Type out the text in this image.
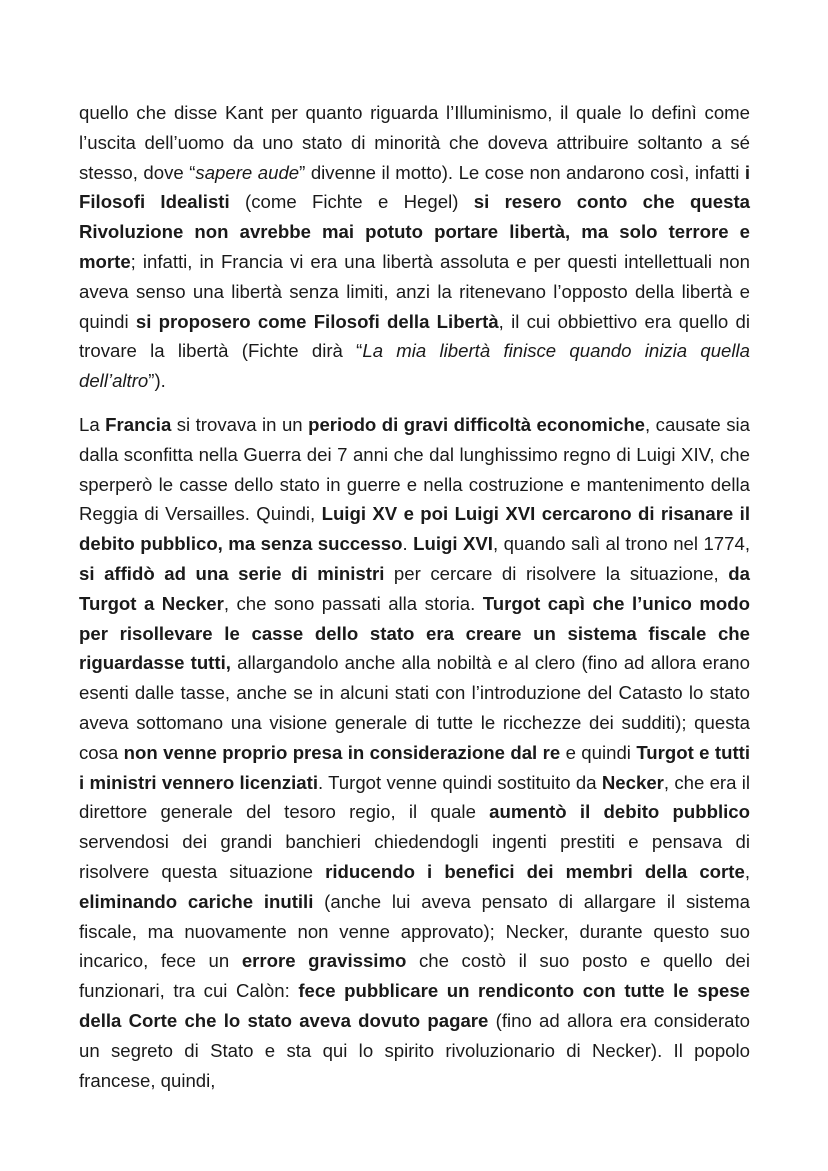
quello che disse Kant per quanto riguarda l’Illuminismo, il quale lo definì come l’uscita dell’uomo da uno stato di minorità che doveva attribuire soltanto a sé stesso, dove “sapere aude” divenne il motto). Le cose non andarono così, infatti i Filosofi Idealisti (come Fichte e Hegel) si resero conto che questa Rivoluzione non avrebbe mai potuto portare libertà, ma solo terrore e morte; infatti, in Francia vi era una libertà assoluta e per questi intellettuali non aveva senso una libertà senza limiti, anzi la ritenevano l’opposto della libertà e quindi si proposero come Filosofi della Libertà, il cui obbiettivo era quello di trovare la libertà (Fichte dirà “La mia libertà finisce quando inizia quella dell’altro”).

La Francia si trovava in un periodo di gravi difficoltà economiche, causate sia dalla sconfitta nella Guerra dei 7 anni che dal lunghissimo regno di Luigi XIV, che sperperò le casse dello stato in guerre e nella costruzione e mantenimento della Reggia di Versailles. Quindi, Luigi XV e poi Luigi XVI cercarono di risanare il debito pubblico, ma senza successo. Luigi XVI, quando salì al trono nel 1774, si affidò ad una serie di ministri per cercare di risolvere la situazione, da Turgot a Necker, che sono passati alla storia. Turgot capì che l’unico modo per risollevare le casse dello stato era creare un sistema fiscale che riguardasse tutti, allargandolo anche alla nobiltà e al clero (fino ad allora erano esenti dalle tasse, anche se in alcuni stati con l’introduzione del Catasto lo stato aveva sottomano una visione generale di tutte le ricchezze dei sudditi); questa cosa non venne proprio presa in considerazione dal re e quindi Turgot e tutti i ministri vennero licenziati. Turgot venne quindi sostituito da Necker, che era il direttore generale del tesoro regio, il quale aumentò il debito pubblico servendosi dei grandi banchieri chiedendogli ingenti prestiti e pensava di risolvere questa situazione riducendo i benefici dei membri della corte, eliminando cariche inutili (anche lui aveva pensato di allargare il sistema fiscale, ma nuovamente non venne approvato); Necker, durante questo suo incarico, fece un errore gravissimo che costò il suo posto e quello dei funzionari, tra cui Calòn: fece pubblicare un rendiconto con tutte le spese della Corte che lo stato aveva dovuto pagare (fino ad allora era considerato un segreto di Stato e sta qui lo spirito rivoluzionario di Necker). Il popolo francese, quindi,
